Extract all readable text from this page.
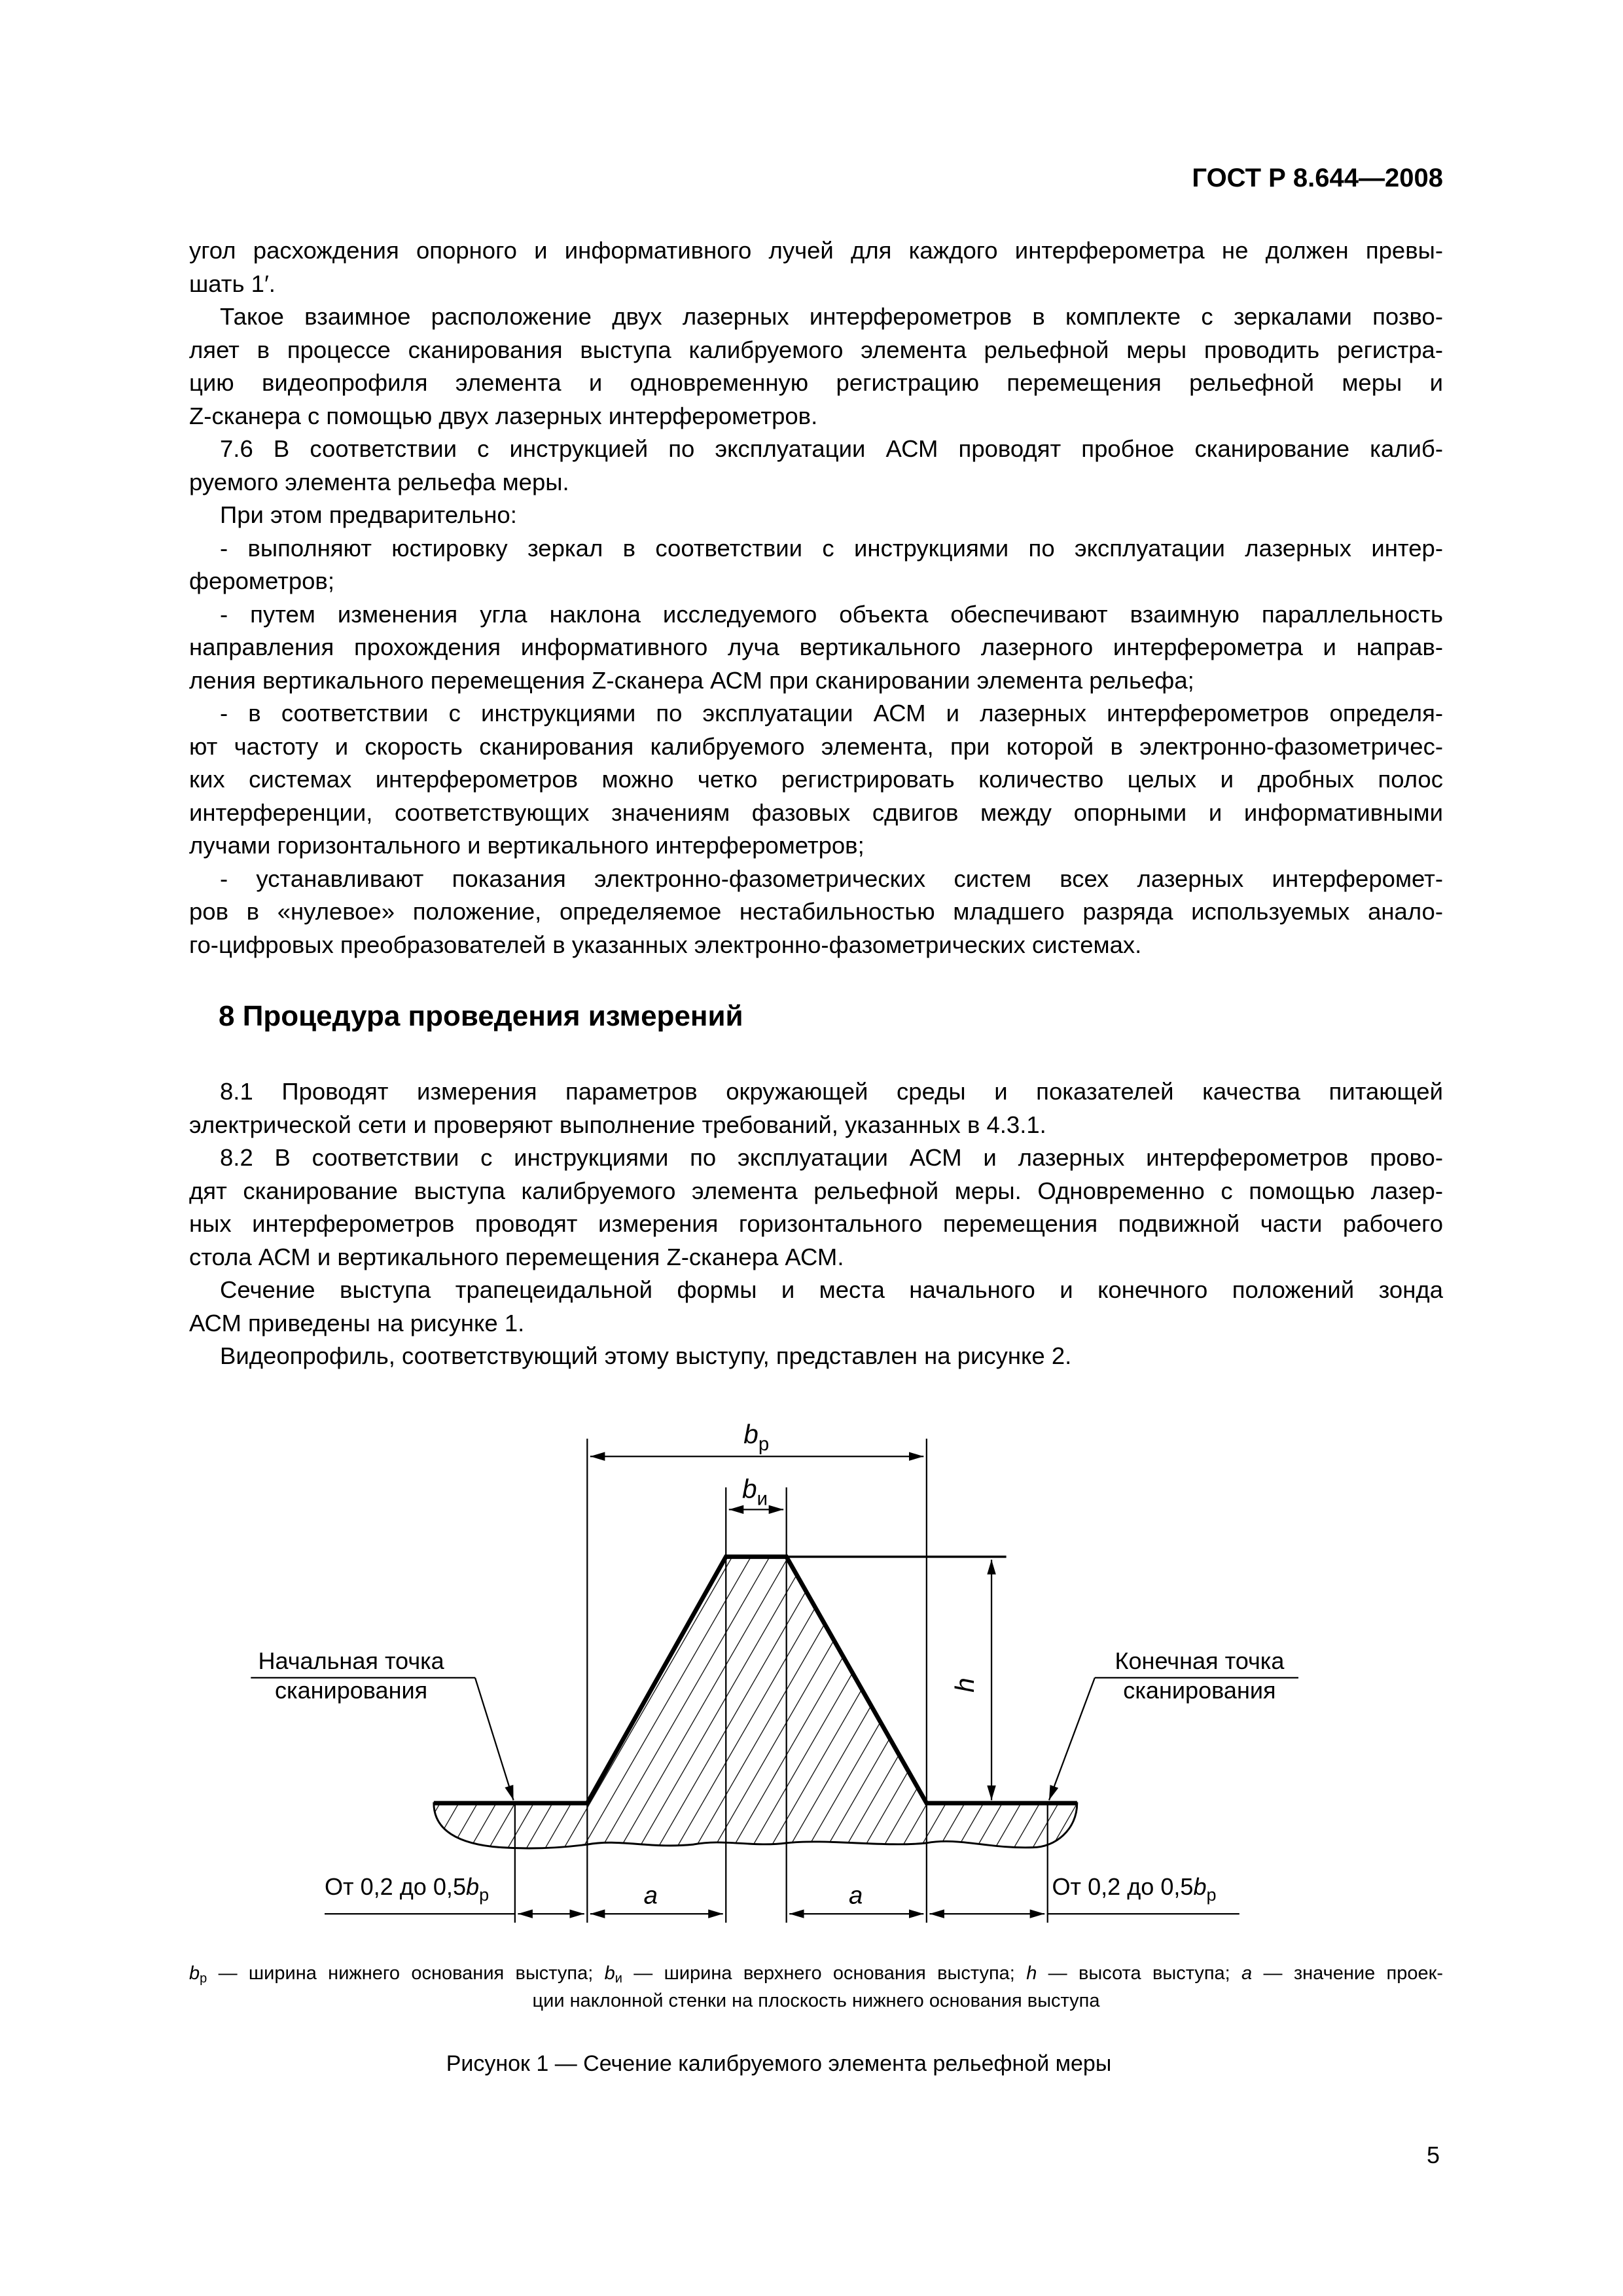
ГОСТ Р 8.644—2008
угол расхождения опорного и информативного лучей для каждого интерферометра не должен превы-
шать 1′.
Такое взаимное расположение двух лазерных интерферометров в комплекте с зеркалами позво-
ляет в процессе сканирования выступа калибруемого элемента рельефной меры проводить регистра-
цию видеопрофиля элемента и одновременную регистрацию перемещения рельефной меры и
Z-сканера с помощью двух лазерных интерферометров.
7.6 В соответствии с инструкцией по эксплуатации АСМ проводят пробное сканирование калиб-
руемого элемента рельефа меры.
При этом предварительно:
- выполняют юстировку зеркал в соответствии с инструкциями по эксплуатации лазерных интер-
ферометров;
- путем изменения угла наклона исследуемого объекта обеспечивают взаимную параллельность
направления прохождения информативного луча вертикального лазерного интерферометра и направ-
ления вертикального перемещения Z-сканера АСМ при сканировании элемента рельефа;
- в соответствии с инструкциями по эксплуатации АСМ и лазерных интерферометров определя-
ют частоту и скорость сканирования калибруемого элемента, при которой в электронно-фазометричес-
ких системах интерферометров можно четко регистрировать количество целых и дробных полос
интерференции, соответствующих значениям фазовых сдвигов между опорными и информативными
лучами горизонтального и вертикального интерферометров;
- устанавливают показания электронно-фазометрических систем всех лазерных интерферомет-
ров в «нулевое» положение, определяемое нестабильностью младшего разряда используемых анало-
го-цифровых преобразователей в указанных электронно-фазометрических системах.
8 Процедура проведения измерений
8.1 Проводят измерения параметров окружающей среды и показателей качества питающей
электрической сети и проверяют выполнение требований, указанных в 4.3.1.
8.2 В соответствии с инструкциями по эксплуатации АСМ и лазерных интерферометров прово-
дят сканирование выступа калибруемого элемента рельефной меры. Одновременно с помощью лазер-
ных интерферометров проводят измерения горизонтального перемещения подвижной части рабочего
стола АСМ и вертикального перемещения Z-сканера АСМ.
Сечение выступа трапецеидальной формы и места начального и конечного положений зонда
АСМ приведены на рисунке 1.
Видеопрофиль, соответствующий этому выступу, представлен на рисунке 2.
$b_р$
$b_и$
h
a	a
Начальная точка
сканирования
Конечная точка
сканирования
От 0,2 до $0,5b_р$	От 0,2 до $0,5b_р$
$b_р$ — ширина нижнего основания выступа; $b_и$ — ширина верхнего основания выступа; h — высота выступа; a — значение проек-
ции наклонной стенки на плоскость нижнего основания выступа
Рисунок 1 — Сечение калибруемого элемента рельефной меры
5
